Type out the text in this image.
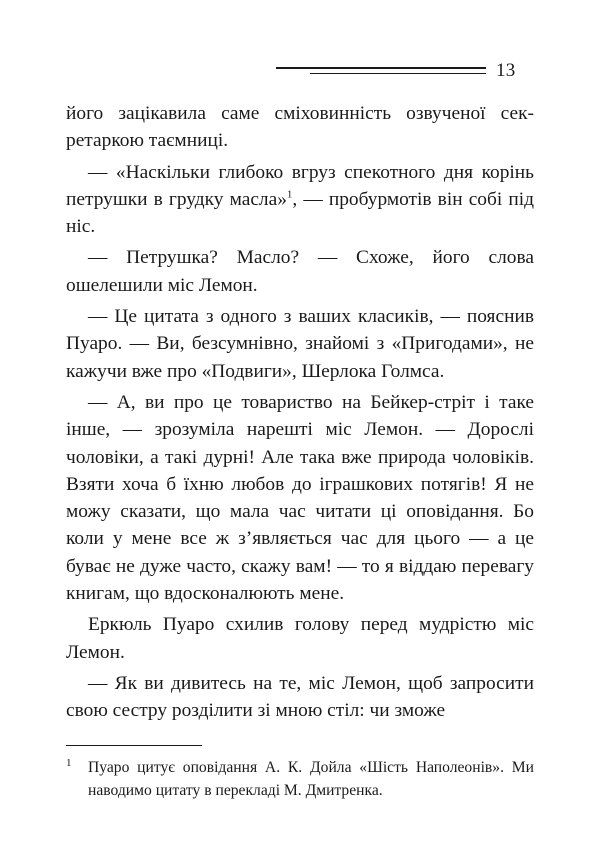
13

його зацікавила саме сміховинність озвученої секретаркою таємниці.

— «Наскільки глибоко вгруз спекотного дня корінь петрушки в грудку масла»$^1$, — пробурмотів він собі під ніс.

— Петрушка? Масло? — Схоже, його слова ошелешили міс Лемон.

— Це цитата з одного з ваших класиків, — пояснив Пуаро. — Ви, безсумнівно, знайомі з «Пригодами», не кажучи вже про «Подвиги», Шерлока Голмса.

— А, ви про це товариство на Бейкер-стріт і таке інше, — зрозуміла нарешті міс Лемон. — Дорослі чоловіки, а такі дурні! Але така вже природа чоловіків. Взяти хоча б їхню любов до іграшкових потягів! Я не можу сказати, що мала час читати ці оповідання. Бо коли у мене все ж з’являється час для цього — а це буває не дуже часто, скажу вам! — то я віддаю перевагу книгам, що вдосконалюють мене.

Еркюль Пуаро схилив голову перед мудрістю міс Лемон.

— Як ви дивитесь на те, міс Лемон, щоб запросити свою сестру розділити зі мною стіл: чи зможе

1 Пуаро цитує оповідання А. К. Дойла «Шість Наполеонів». Ми наводимо цитату в перекладі М. Дмитренка.
